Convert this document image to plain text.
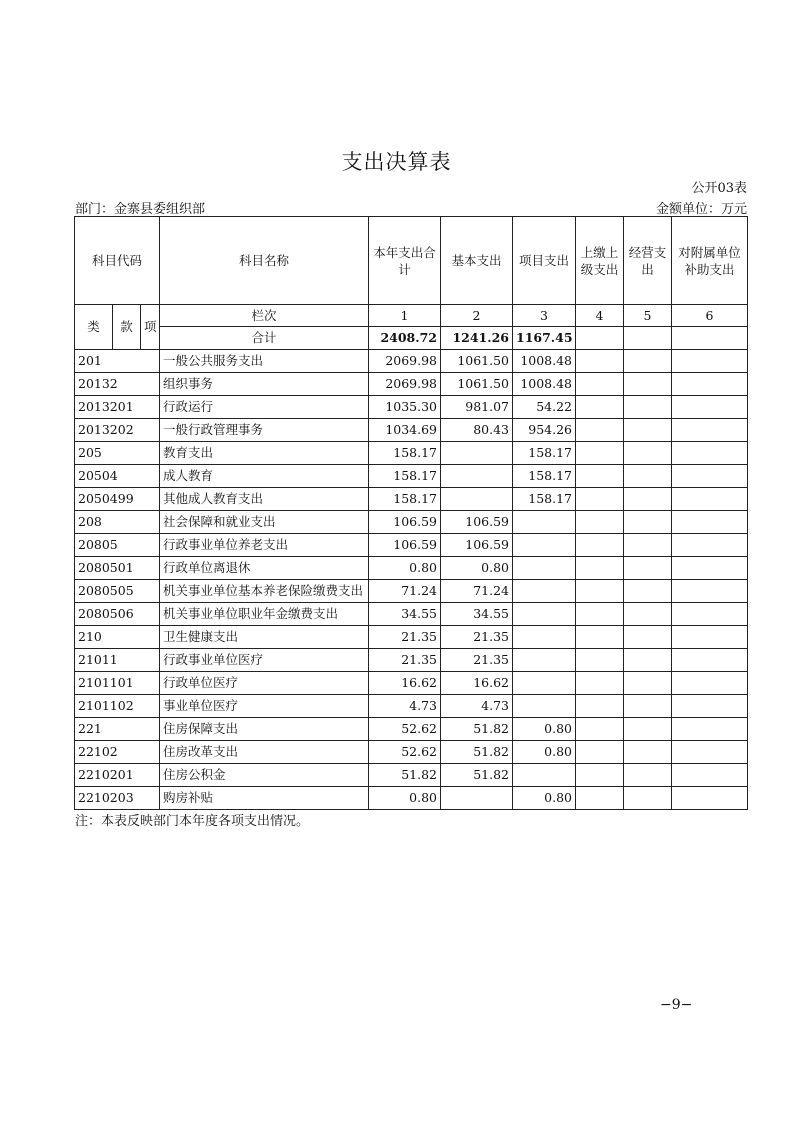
支出决算表
公开03表
部门：金寨县委组织部	金额单位：万元
科目代码			科目名称	本年支出合计	基本支出	项目支出	上缴上级支出	经营支出	对附属单位补助支出
类	款	项	栏次	1	2	3	4	5	6
			合计	2408.72	1241.26	1167.45			
201			一般公共服务支出	2069.98	1061.50	1008.48			
20132			组织事务	2069.98	1061.50	1008.48			
2013201			行政运行	1035.30	981.07	54.22			
2013202			一般行政管理事务	1034.69	80.43	954.26			
205			教育支出	158.17		158.17			
20504			成人教育	158.17		158.17			
2050499			其他成人教育支出	158.17		158.17			
208			社会保障和就业支出	106.59	106.59				
20805			行政事业单位养老支出	106.59	106.59				
2080501			行政单位离退休	0.80	0.80				
2080505			机关事业单位基本养老保险缴费支出	71.24	71.24				
2080506			机关事业单位职业年金缴费支出	34.55	34.55				
210			卫生健康支出	21.35	21.35				
21011			行政事业单位医疗	21.35	21.35				
2101101			行政单位医疗	16.62	16.62				
2101102			事业单位医疗	4.73	4.73				
221			住房保障支出	52.62	51.82	0.80			
22102			住房改革支出	52.62	51.82	0.80			
2210201			住房公积金	51.82	51.82				
2210203			购房补贴	0.80		0.80			
注：本表反映部门本年度各项支出情况。
−9−
